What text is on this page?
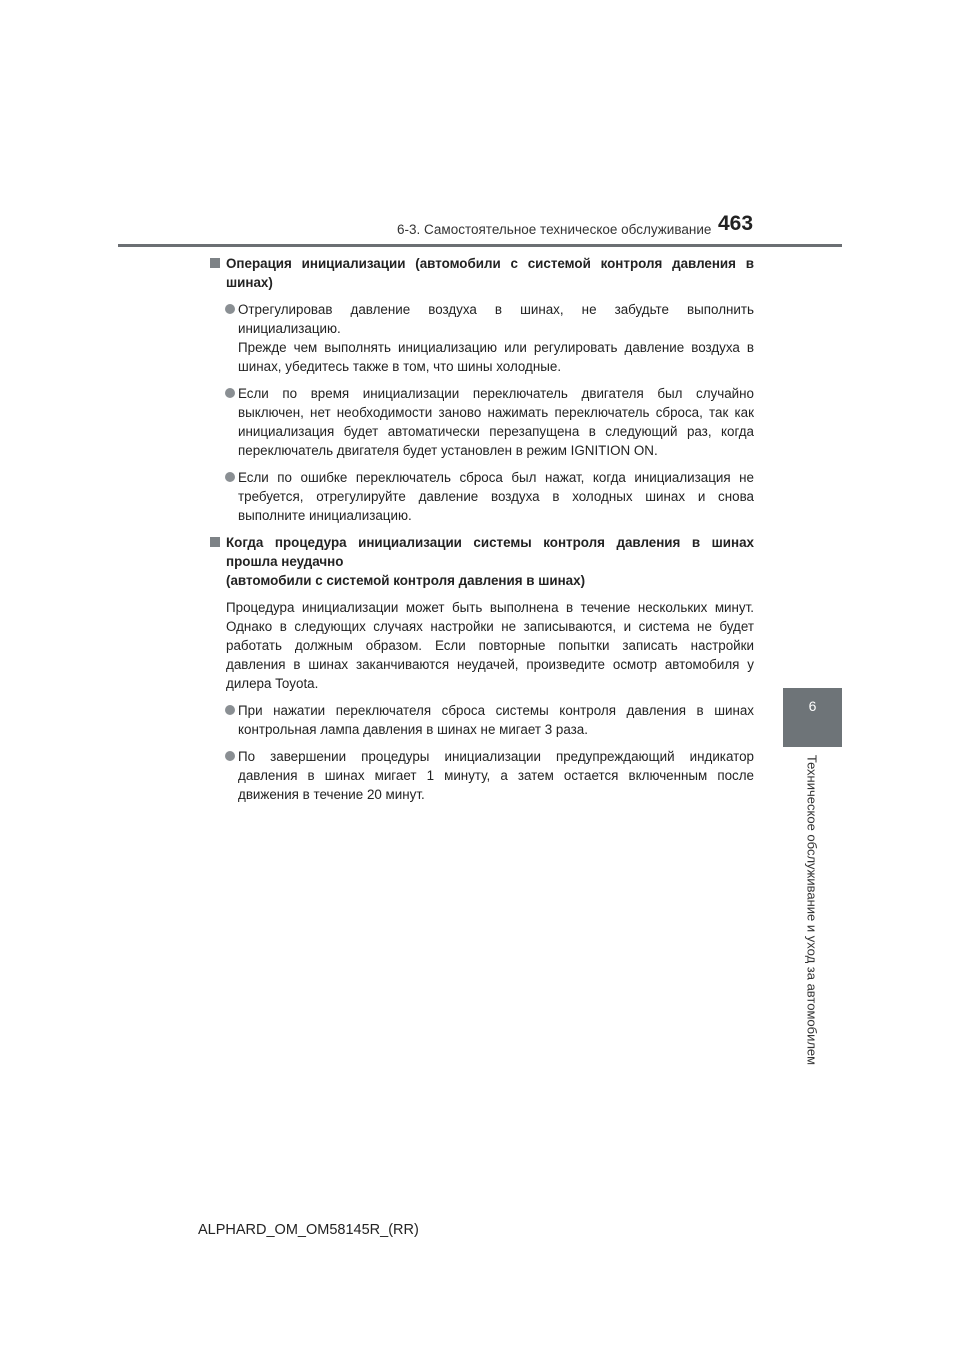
6-3. Самостоятельное техническое обслуживание 463
6
Техническое обслуживание и уход за автомобилем
Операция инициализации (автомобили с системой контроля давления в
шинах)
Отрегулировав давление воздуха в шинах, не забудьте выполнить
инициализацию.
Прежде чем выполнять инициализацию или регулировать давление воздуха в
шинах, убедитесь также в том, что шины холодные.
Если по время инициализации переключатель двигателя был случайно
выключен, нет необходимости заново нажимать переключатель сброса, так как
инициализация будет автоматически перезапущена в следующий раз, когда
переключатель двигателя будет установлен в режим IGNITION ON.
Если по ошибке переключатель сброса был нажат, когда инициализация не
требуется, отрегулируйте давление воздуха в холодных шинах и снова
выполните инициализацию.
Когда процедура инициализации системы контроля давления в шинах
прошла неудачно
(автомобили с системой контроля давления в шинах)
Процедура инициализации может быть выполнена в течение нескольких минут.
Однако в следующих случаях настройки не записываются, и система не будет
работать должным образом. Если повторные попытки записать настройки
давления в шинах заканчиваются неудачей, произведите осмотр автомобиля у
дилера Toyota.
При нажатии переключателя сброса системы контроля давления в шинах
контрольная лампа давления в шинах не мигает 3 раза.
По завершении процедуры инициализации предупреждающий индикатор
давления в шинах мигает 1 минуту, а затем остается включенным после
движения в течение 20 минут.
ALPHARD_OM_OM58145R_(RR)
